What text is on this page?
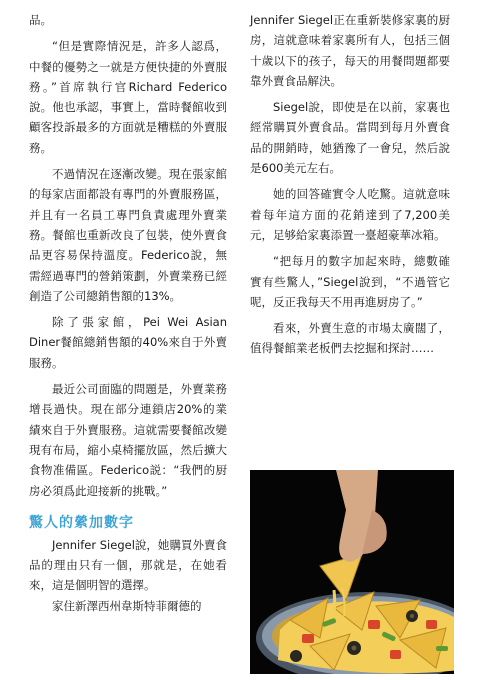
品。

“但是實際情況是，許多人認爲，中餐的優勢之一就是方便快捷的外賣服務。”首席執行官Richard Federico說。他也承認，事實上，當時餐館收到顧客投訴最多的方面就是糟糕的外賣服務。

不過情況在逐漸改變。現在張家館的每家店面都設有專門的外賣服務區，并且有一名員工專門負責處理外賣業務。餐館也重新改良了包裝，使外賣食品更容易保持溫度。Federico說，無需經過專門的營銷策劃，外賣業務已經創造了公司總銷售額的13%。

除了張家館，Pei Wei Asian Diner餐館總銷售額的40%來自于外賣服務。

最近公司面臨的問題是，外賣業務增長過快。現在部分連鎖店20%的業績來自于外賣服務。這就需要餐館改變現有布局，縮小桌椅擺放區，然后擴大食物准備區。Federico説：“我們的厨房必須爲此迎接新的挑戰。”

驚人的縈加數字

Jennifer Siegel說，她購買外賣食品的理由只有一個，那就是，在她看來，這是個明智的選擇。

家住新澤西州韋斯特菲爾德的

Jennifer Siegel正在重新裝修家裏的厨房，這就意味着家裏所有人，包括三個十歲以下的孩子，每天的用餐問題都要靠外賣食品解決。

Siegel說，即使是在以前，家裏也經常購買外賣食品。當問到每月外賣食品的開銷時，她猶豫了一會兒，然后說是600美元左右。

她的回答確實令人吃驚。這就意味着每年這方面的花銷達到了7,200美元，足够給家裏添置一臺超豪華冰箱。

“把每月的數字加起來時，總數確實有些驚人，”Siegel說到，“不過管它呢，反正我每天不用再進厨房了。”

看來，外賣生意的市場太廣闊了，值得餐館業老板們去挖掘和探討……
